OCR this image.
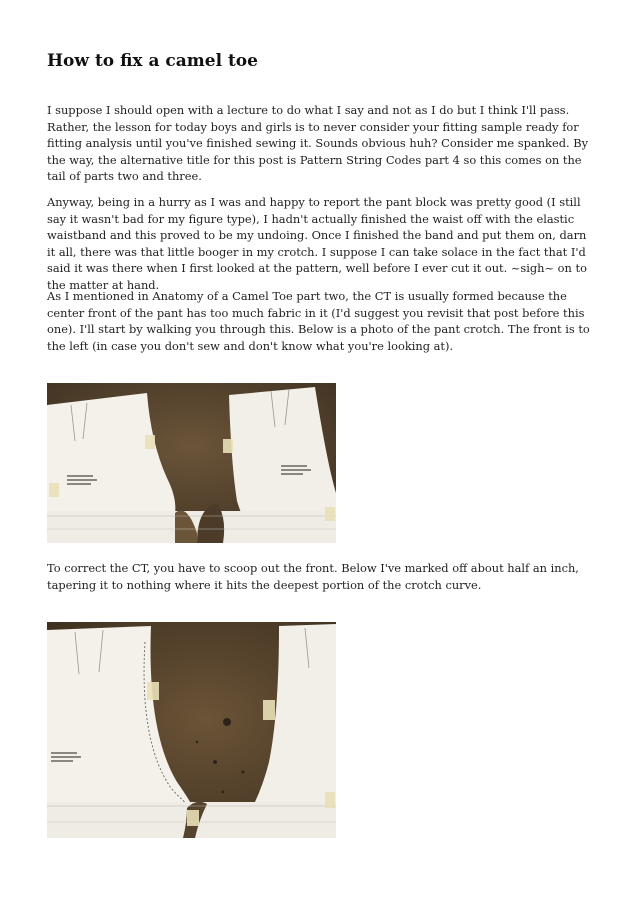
How to fix a camel toe

I suppose I should open with a lecture to do what I say and not as I do but I think I'll pass. Rather, the lesson for today boys and girls is to never consider your fitting sample ready for fitting analysis until you've finished sewing it. Sounds obvious huh? Consider me spanked. By the way, the alternative title for this post is Pattern String Codes part 4 so this comes on the tail of parts two and three.

Anyway, being in a hurry as I was and happy to report the pant block was pretty good (I still say it wasn't bad for my figure type), I hadn't actually finished the waist off with the elastic waistband and this proved to be my undoing. Once I finished the band and put them on, darn it all, there was that little booger in my crotch. I suppose I can take solace in the fact that I'd said it was there when I first looked at the pattern, well before I ever cut it out. ~sigh~ on to the matter at hand.

As I mentioned in Anatomy of a Camel Toe part two, the CT is usually formed because the center front of the pant has too much fabric in it (I'd suggest you revisit that post before this one). I'll start by walking you through this. Below is a photo of the pant crotch. The front is to the left (in case you don't sew and don't know what you're looking at).

To correct the CT, you have to scoop out the front. Below I've marked off about half an inch, tapering it to nothing where it hits the deepest portion of the crotch curve.
